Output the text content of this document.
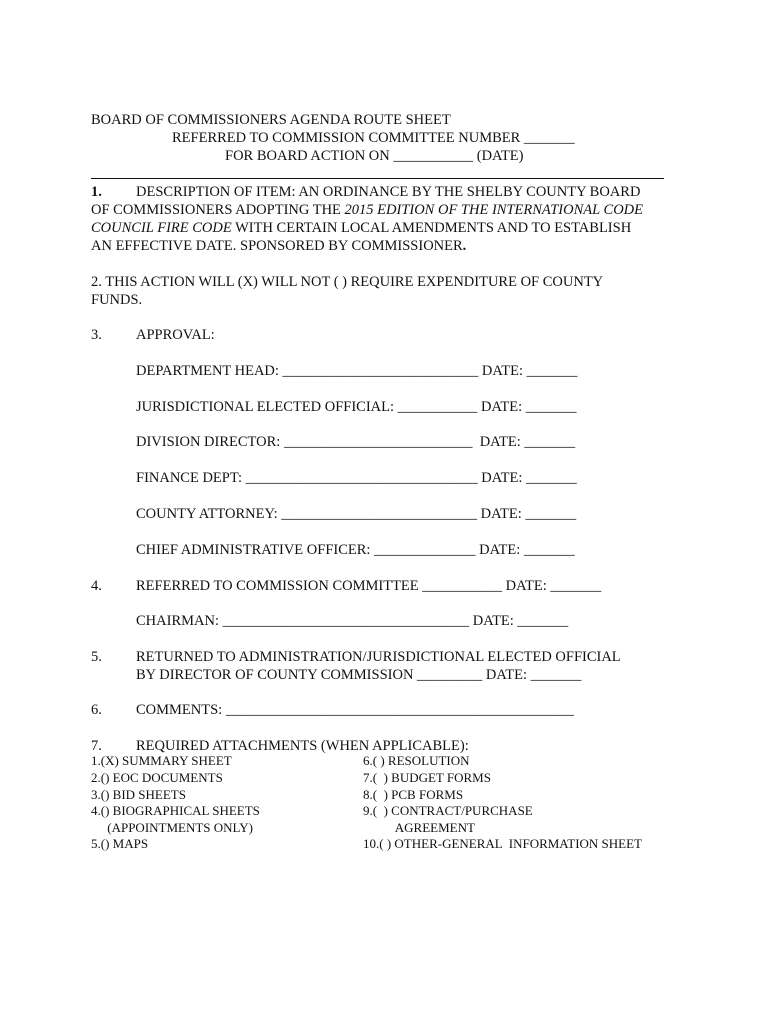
BOARD OF COMMISSIONERS AGENDA ROUTE SHEET
REFERRED TO COMMISSION COMMITTEE NUMBER _______
FOR BOARD ACTION ON ___________ (DATE)
1. DESCRIPTION OF ITEM: AN ORDINANCE BY THE SHELBY COUNTY BOARD
OF COMMISSIONERS ADOPTING THE 2015 EDITION OF THE INTERNATIONAL CODE
COUNCIL FIRE CODE WITH CERTAIN LOCAL AMENDMENTS AND TO ESTABLISH
AN EFFECTIVE DATE. SPONSORED BY COMMISSIONER.
2. THIS ACTION WILL (X) WILL NOT ( ) REQUIRE EXPENDITURE OF COUNTY
FUNDS.
3. APPROVAL:
DEPARTMENT HEAD: ___________________________ DATE: _______
JURISDICTIONAL ELECTED OFFICIAL: ___________ DATE: _______
DIVISION DIRECTOR: __________________________  DATE: _______
FINANCE DEPT: ________________________________ DATE: _______
COUNTY ATTORNEY: ___________________________ DATE: _______
CHIEF ADMINISTRATIVE OFFICER: ______________ DATE: _______
4. REFERRED TO COMMISSION COMMITTEE ___________ DATE: _______
CHAIRMAN: __________________________________ DATE: _______
5. RETURNED TO ADMINISTRATION/JURISDICTIONAL ELECTED OFFICIAL
BY DIRECTOR OF COUNTY COMMISSION _________ DATE: _______
6. COMMENTS: ________________________________________________
7. REQUIRED ATTACHMENTS (WHEN APPLICABLE):
1.(X) SUMMARY SHEET
2.() EOC DOCUMENTS
3.() BID SHEETS
4.() BIOGRAPHICAL SHEETS
(APPOINTMENTS ONLY)
5.() MAPS
6.( ) RESOLUTION
7.(  ) BUDGET FORMS
8.(  ) PCB FORMS
9.(  ) CONTRACT/PURCHASE
AGREEMENT
10.( ) OTHER-GENERAL  INFORMATION SHEET
